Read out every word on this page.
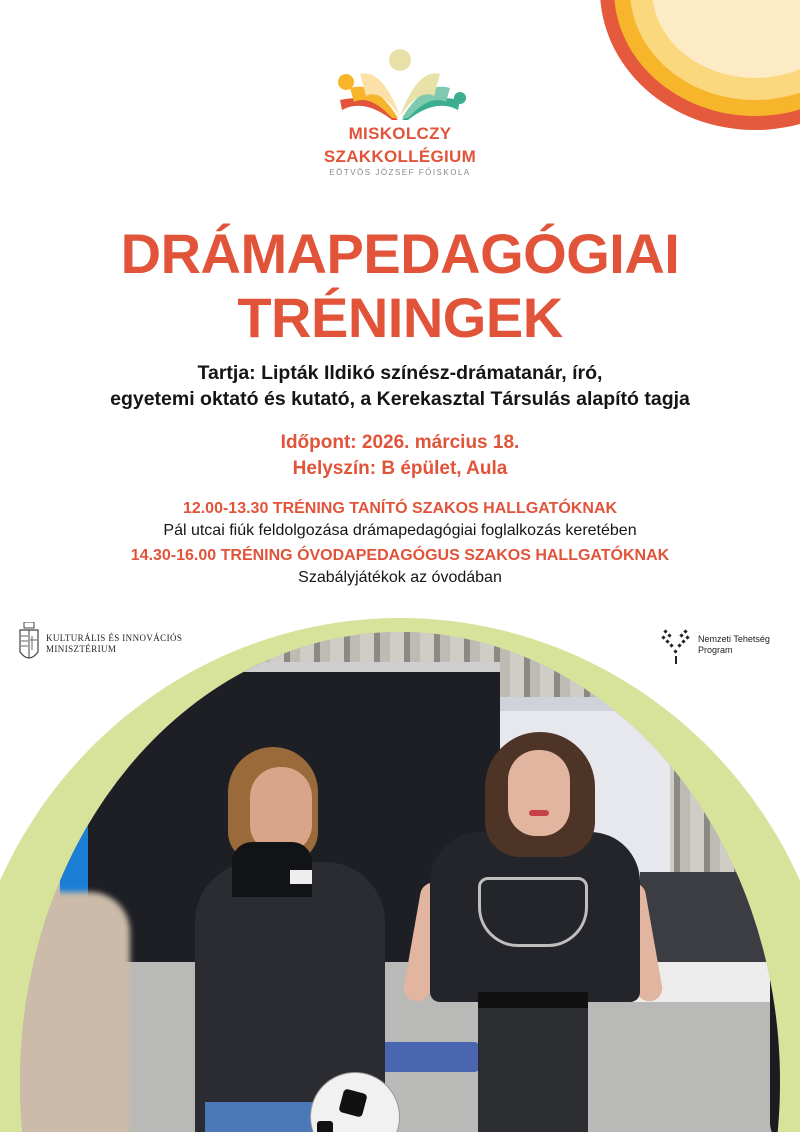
MISKOLCZY
SZAKKOLLÉGIUM
EÖTVÖS JÓZSEF FŐISKOLA
DRÁMAPEDAGÓGIAI
TRÉNINGEK
Tartja: Lipták Ildikó színész-drámatanár, író,
egyetemi oktató és kutató, a Kerekasztal Társulás alapító tagja
Időpont: 2026. március 18.
Helyszín: B épület, Aula
12.00-13.30 TRÉNING TANÍTÓ SZAKOS HALLGATÓKNAK
Pál utcai fiúk feldolgozása drámapedagógiai foglalkozás keretében
14.30-16.00 TRÉNING ÓVODAPEDAGÓGUS SZAKOS HALLGATÓKNAK
Szabályjátékok az óvodában
KULTURÁLIS ÉS INNOVÁCIÓS
MINISZTÉRIUM
Nemzeti Tehetség
Program
